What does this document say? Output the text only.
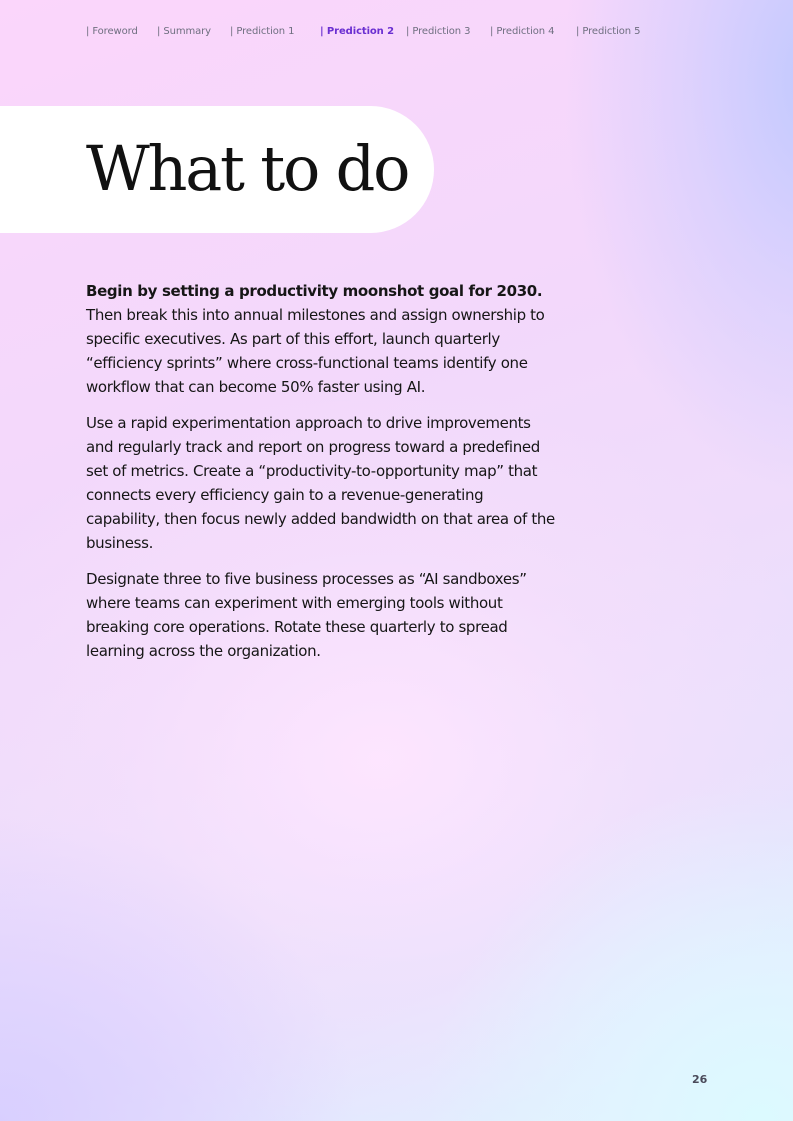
| Foreword | Summary | Prediction 1	| Prediction 2 | Prediction 3 | Prediction 4 | Prediction 5
What to do

Begin by setting a productivity moonshot goal for 2030. Then break this into annual milestones and assign ownership to specific executives. As part of this effort, launch quarterly “efficiency sprints” where cross-functional teams identify one workflow that can become 50% faster using AI.

Use a rapid experimentation approach to drive improvements and regularly track and report on progress toward a predefined set of metrics. Create a “productivity-to-opportunity map” that connects every efficiency gain to a revenue-generating capability, then focus newly added bandwidth on that area of the business.

Designate three to five business processes as “AI sandboxes” where teams can experiment with emerging tools without breaking core operations. Rotate these quarterly to spread learning across the organization.

26
